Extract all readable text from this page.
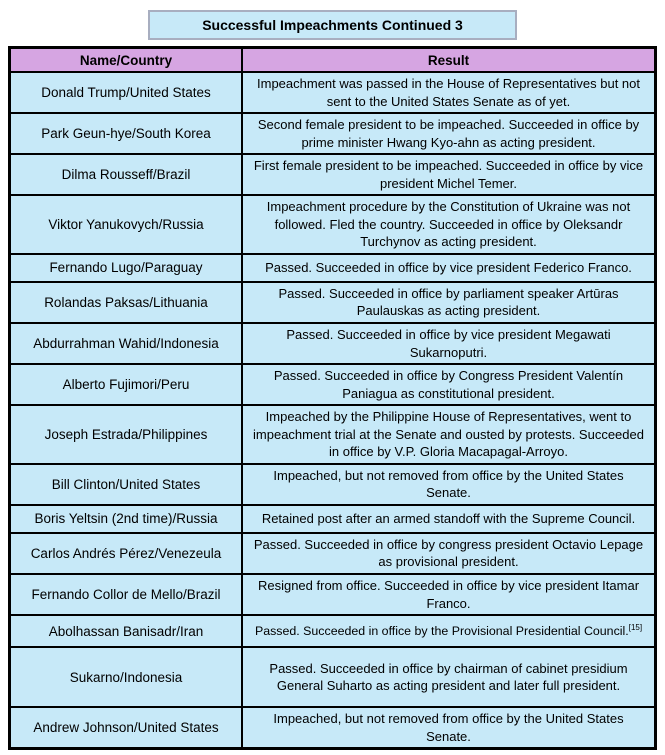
Successful Impeachments Continued 3
Name/Country	Result
Donald Trump/United States	Impeachment was passed in the House of Representatives but not sent to the United States Senate as of yet.
Park Geun-hye/South Korea	Second female president to be impeached. Succeeded in office by prime minister Hwang Kyo-ahn as acting president.
Dilma Rousseff/Brazil	First female president to be impeached. Succeeded in office by vice president Michel Temer.
Viktor Yanukovych/Russia	Impeachment procedure by the Constitution of Ukraine was not followed. Fled the country. Succeeded in office by Oleksandr Turchynov as acting president.
Fernando Lugo/Paraguay	Passed. Succeeded in office by vice president Federico Franco.
Rolandas Paksas/Lithuania	Passed. Succeeded in office by parliament speaker Artūras Paulauskas as acting president.
Abdurrahman Wahid/Indonesia	Passed. Succeeded in office by vice president Megawati Sukarnoputri.
Alberto Fujimori/Peru	Passed. Succeeded in office by Congress President Valentín Paniagua as constitutional president.
Joseph Estrada/Philippines	Impeached by the Philippine House of Representatives, went to impeachment trial at the Senate and ousted by protests. Succeeded in office by V.P. Gloria Macapagal-Arroyo.
Bill Clinton/United States	Impeached, but not removed from office by the United States Senate.
Boris Yeltsin (2nd time)/Russia	Retained post after an armed standoff with the Supreme Council.
Carlos Andrés Pérez/Venezeula	Passed. Succeeded in office by congress president Octavio Lepage as provisional president.
Fernando Collor de Mello/Brazil	Resigned from office. Succeeded in office by vice president Itamar Franco.
Abolhassan Banisadr/Iran	Passed. Succeeded in office by the Provisional Presidential Council.[15]
Sukarno/Indonesia	Passed. Succeeded in office by chairman of cabinet presidium General Suharto as acting president and later full president.
Andrew Johnson/United States	Impeached, but not removed from office by the United States Senate.
